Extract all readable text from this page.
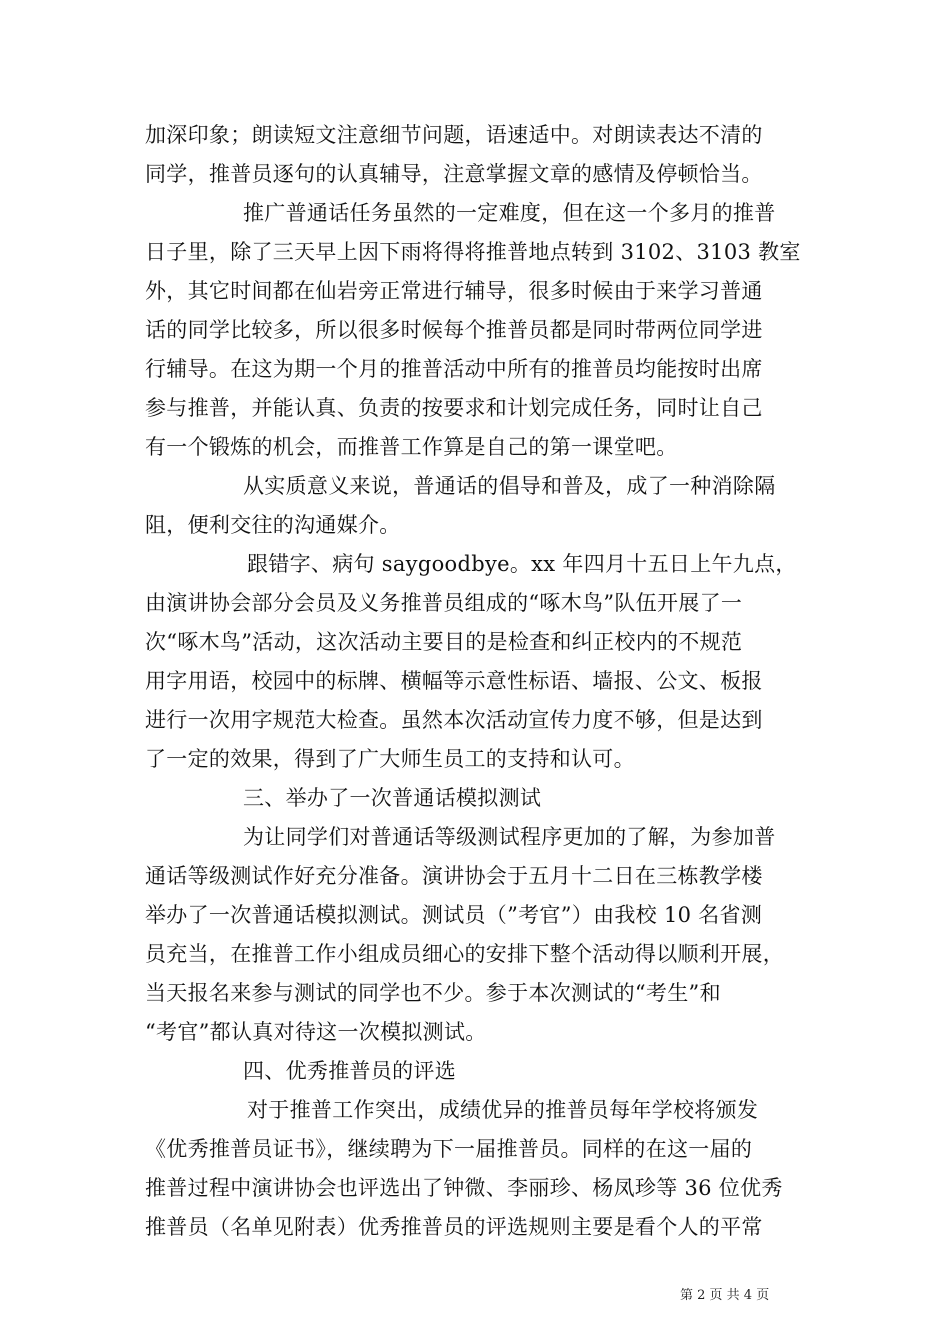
加深印象；朗读短文注意细节问题，语速适中。对朗读表达不清的
同学，推普员逐句的认真辅导，注意掌握文章的感情及停顿恰当。
推广普通话任务虽然的一定难度，但在这一个多月的推普
日子里，除了三天早上因下雨将得将推普地点转到 3102、3103 教室
外，其它时间都在仙岩旁正常进行辅导，很多时候由于来学习普通
话的同学比较多，所以很多时候每个推普员都是同时带两位同学进
行辅导。在这为期一个月的推普活动中所有的推普员均能按时出席
参与推普，并能认真、负责的按要求和计划完成任务，同时让自己
有一个锻炼的机会，而推普工作算是自己的第一课堂吧。
从实质意义来说，普通话的倡导和普及，成了一种消除隔
阻，便利交往的沟通媒介。
跟错字、病句 saygoodbye。xx 年四月十五日上午九点，
由演讲协会部分会员及义务推普员组成的“啄木鸟”队伍开展了一
次“啄木鸟”活动，这次活动主要目的是检查和纠正校内的不规范
用字用语，校园中的标牌、横幅等示意性标语、墙报、公文、板报
进行一次用字规范大检查。虽然本次活动宣传力度不够，但是达到
了一定的效果，得到了广大师生员工的支持和认可。
三、举办了一次普通话模拟测试
为让同学们对普通话等级测试程序更加的了解，为参加普
通话等级测试作好充分准备。演讲协会于五月十二日在三栋教学楼
举办了一次普通话模拟测试。测试员（”考官”）由我校 10 名省测
员充当，在推普工作小组成员细心的安排下整个活动得以顺利开展，
当天报名来参与测试的同学也不少。参于本次测试的“考生”和
“考官”都认真对待这一次模拟测试。
四、优秀推普员的评选
对于推普工作突出，成绩优异的推普员每年学校将颁发
《优秀推普员证书》，继续聘为下一届推普员。同样的在这一届的
推普过程中演讲协会也评选出了钟微、李丽珍、杨凤珍等 36 位优秀
推普员（名单见附表）优秀推普员的评选规则主要是看个人的平常
第 2 页 共 4 页
